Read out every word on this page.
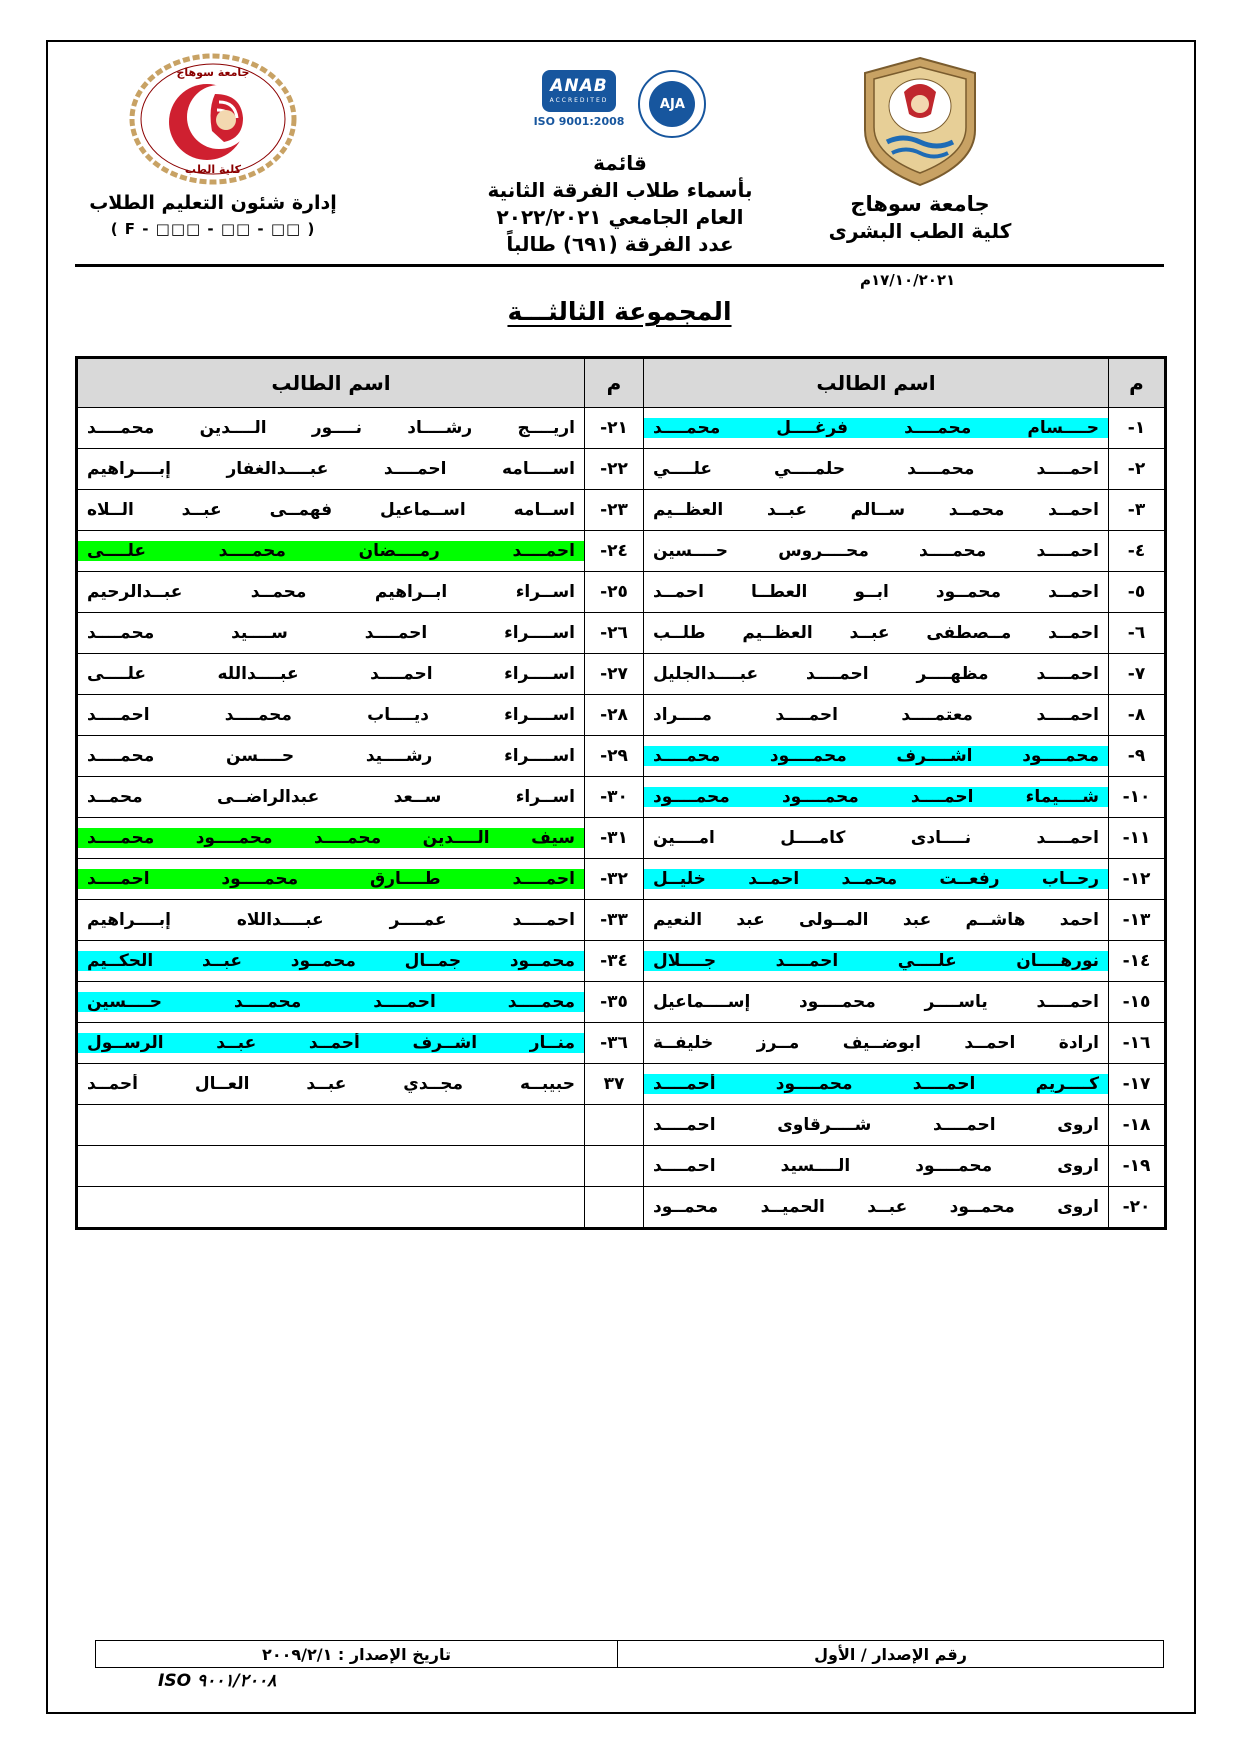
جامعة سوهاج
كلية الطب البشرى
ANAB
ACCREDITED
ISO 9001:2008
AJA
قائمة
بأسماء طلاب الفرقة الثانية
العام الجامعي ٢٠٢٢/٢٠٢١
عدد الفرقة (٦٩١) طالباً
جامعة سوهاج
كلية الطب
إدارة شئون التعليم الطلاب
( F - □□□ - □□ - □□ )
١٧/١٠/٢٠٢١م
المجموعة الثالثـــة
م	اسم الطالب	م	اسم الطالب
١-	حــــسام محمــــد فرغــــل محمــــد	٢١-	اريــــج رشــــاد نــــور الــــدين محمــــد

٢-	احمــــد محمــــد حلمــــي علــــي	٢٢-	اســــامه احمــــد عبــــدالغفار إبــــراهيم

٣-	احمــد محمــد ســالم عبــد العظــيم	٢٣-	اســامه اســماعيل فهمــى عبــد الــلاه

٤-	احمــــد محمــــد محــــروس حــــسين	٢٤-	احمــــد رمــــضان محمــــد علــــى

٥-	احمــد محمــود ابــو العطــا احمــد	٢٥-	اســراء ابــراهيم محمــد عبــدالرحيم

٦-	احمــد مــصطفى عبــد العظــيم طلــب	٢٦-	اســــراء احمــــد ســــيد محمــــد

٧-	احمــــد مظهــــر احمــــد عبــــدالجليل	٢٧-	اســــراء احمــــد عبــــدالله علــــى

٨-	احمــــد معتمــــد احمــــد مــــراد	٢٨-	اســــراء ديــــاب محمــــد احمــــد

٩-	محمــــود اشــــرف محمــــود محمــــد	٢٩-	اســــراء رشــــيد حــــسن محمــــد

١٠-	شــــيماء احمــــد محمــــود محمــــود	٣٠-	اســراء ســعد عبدالراضــى محمــد

١١-	احمــــد نــــادى كامــــل امــــين	٣١-	سيف الــــدين محمــــد محمــــود محمــــد

١٢-	رحــاب رفعــت محمــد احمــد خليــل	٣٢-	احمــــد طــــارق محمــــود احمــــد

١٣-	احمد هاشــم عبد المــولى عبد النعيم	٣٣-	احمــــد عمــــر عبــــداللاه إبــــراهيم

١٤-	نورهــــان علــــي احمــــد جــــلال	٣٤-	محمــود جمــال محمــود عبــد الحكــيم

١٥-	احمــــد ياســــر محمــــود إســــماعيل	٣٥-	محمــــد احمــــد محمــــد حــــسين

١٦-	ارادة احمــد ابوضــيف مــرز خليفــة	٣٦-	منــار اشــرف أحمــد عبــد الرســول

١٧-	كــــريم احمــــد محمــــود أحمــــد	٣٧	حبيبــه مجــدي عبــد العــال أحمــد

١٨-	اروى احمــــد شــــرقاوى احمــــد		

١٩-	اروى محمــــود الــــسيد احمــــد		

٢٠-	اروى محمــود عبــد الحميــد محمــود		

رقم الإصدار / الأول
تاريخ الإصدار : ٢٠٠٩/٢/١
ISO ٩٠٠١/٢٠٠٨
